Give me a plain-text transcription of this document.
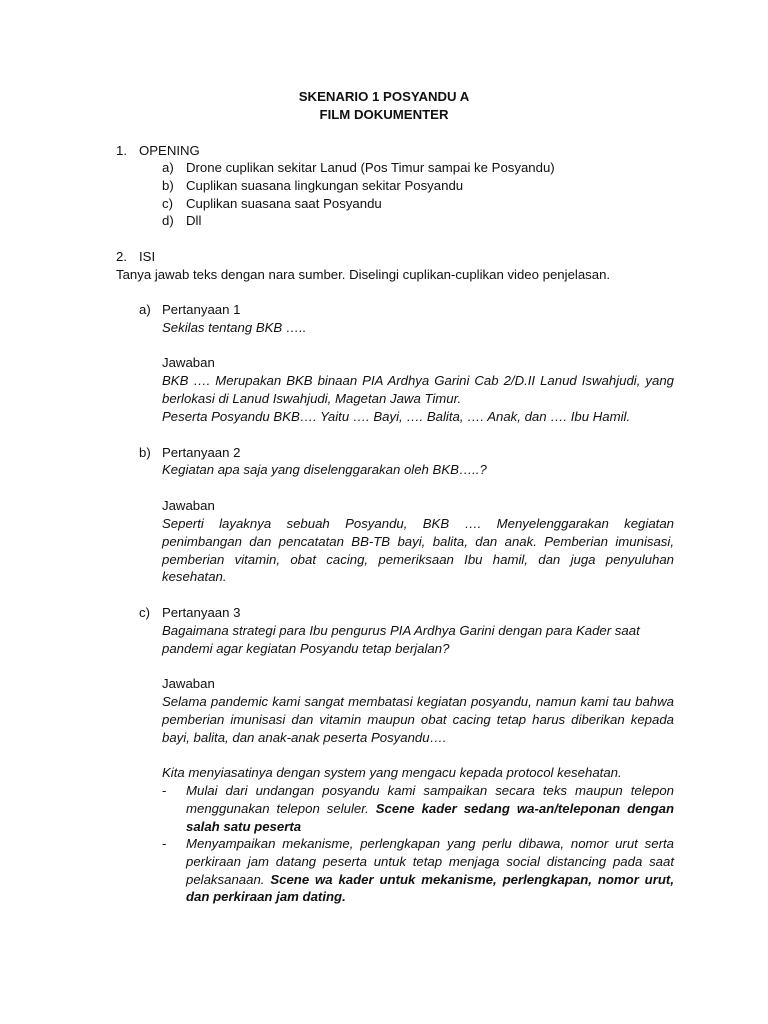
SKENARIO 1 POSYANDU A
FILM DOKUMENTER
1. OPENING
a) Drone cuplikan sekitar Lanud (Pos Timur sampai ke Posyandu)
b) Cuplikan suasana lingkungan sekitar Posyandu
c) Cuplikan suasana saat Posyandu
d) Dll
2. ISI
Tanya jawab teks dengan nara sumber. Diselingi cuplikan-cuplikan video penjelasan.
a) Pertanyaan 1
Sekilas tentang BKB …..
Jawaban

BKB …. Merupakan BKB binaan PIA Ardhya Garini Cab 2/D.II Lanud Iswahjudi, yang berlokasi di Lanud Iswahjudi, Magetan Jawa Timur.

Peserta Posyandu BKB…. Yaitu …. Bayi, …. Balita, …. Anak, dan …. Ibu Hamil.

b) Pertanyaan 2
Kegiatan apa saja yang diselenggarakan oleh BKB…..?
Jawaban

Seperti layaknya sebuah Posyandu, BKB …. Menyelenggarakan kegiatan penimbangan dan pencatatan BB-TB bayi, balita, dan anak. Pemberian imunisasi, pemberian vitamin, obat cacing, pemeriksaan Ibu hamil, dan juga penyuluhan kesehatan.

c) Pertanyaan 3

Bagaimana strategi para Ibu pengurus PIA Ardhya Garini dengan para Kader saat pandemi agar kegiatan Posyandu tetap berjalan?

Jawaban

Selama pandemic kami sangat membatasi kegiatan posyandu, namun kami tau bahwa pemberian imunisasi dan vitamin maupun obat cacing tetap harus diberikan kepada bayi, balita, dan anak-anak peserta Posyandu….

Kita menyiasatinya dengan system yang mengacu kepada protocol kesehatan.

- Mulai dari undangan posyandu kami sampaikan secara teks maupun telepon menggunakan telepon seluler. Scene kader sedang wa-an/teleponan dengan salah satu peserta

- Menyampaikan mekanisme, perlengkapan yang perlu dibawa, nomor urut serta perkiraan jam datang peserta untuk tetap menjaga social distancing pada saat pelaksanaan. Scene wa kader untuk mekanisme, perlengkapan, nomor urut, dan perkiraan jam dating.
